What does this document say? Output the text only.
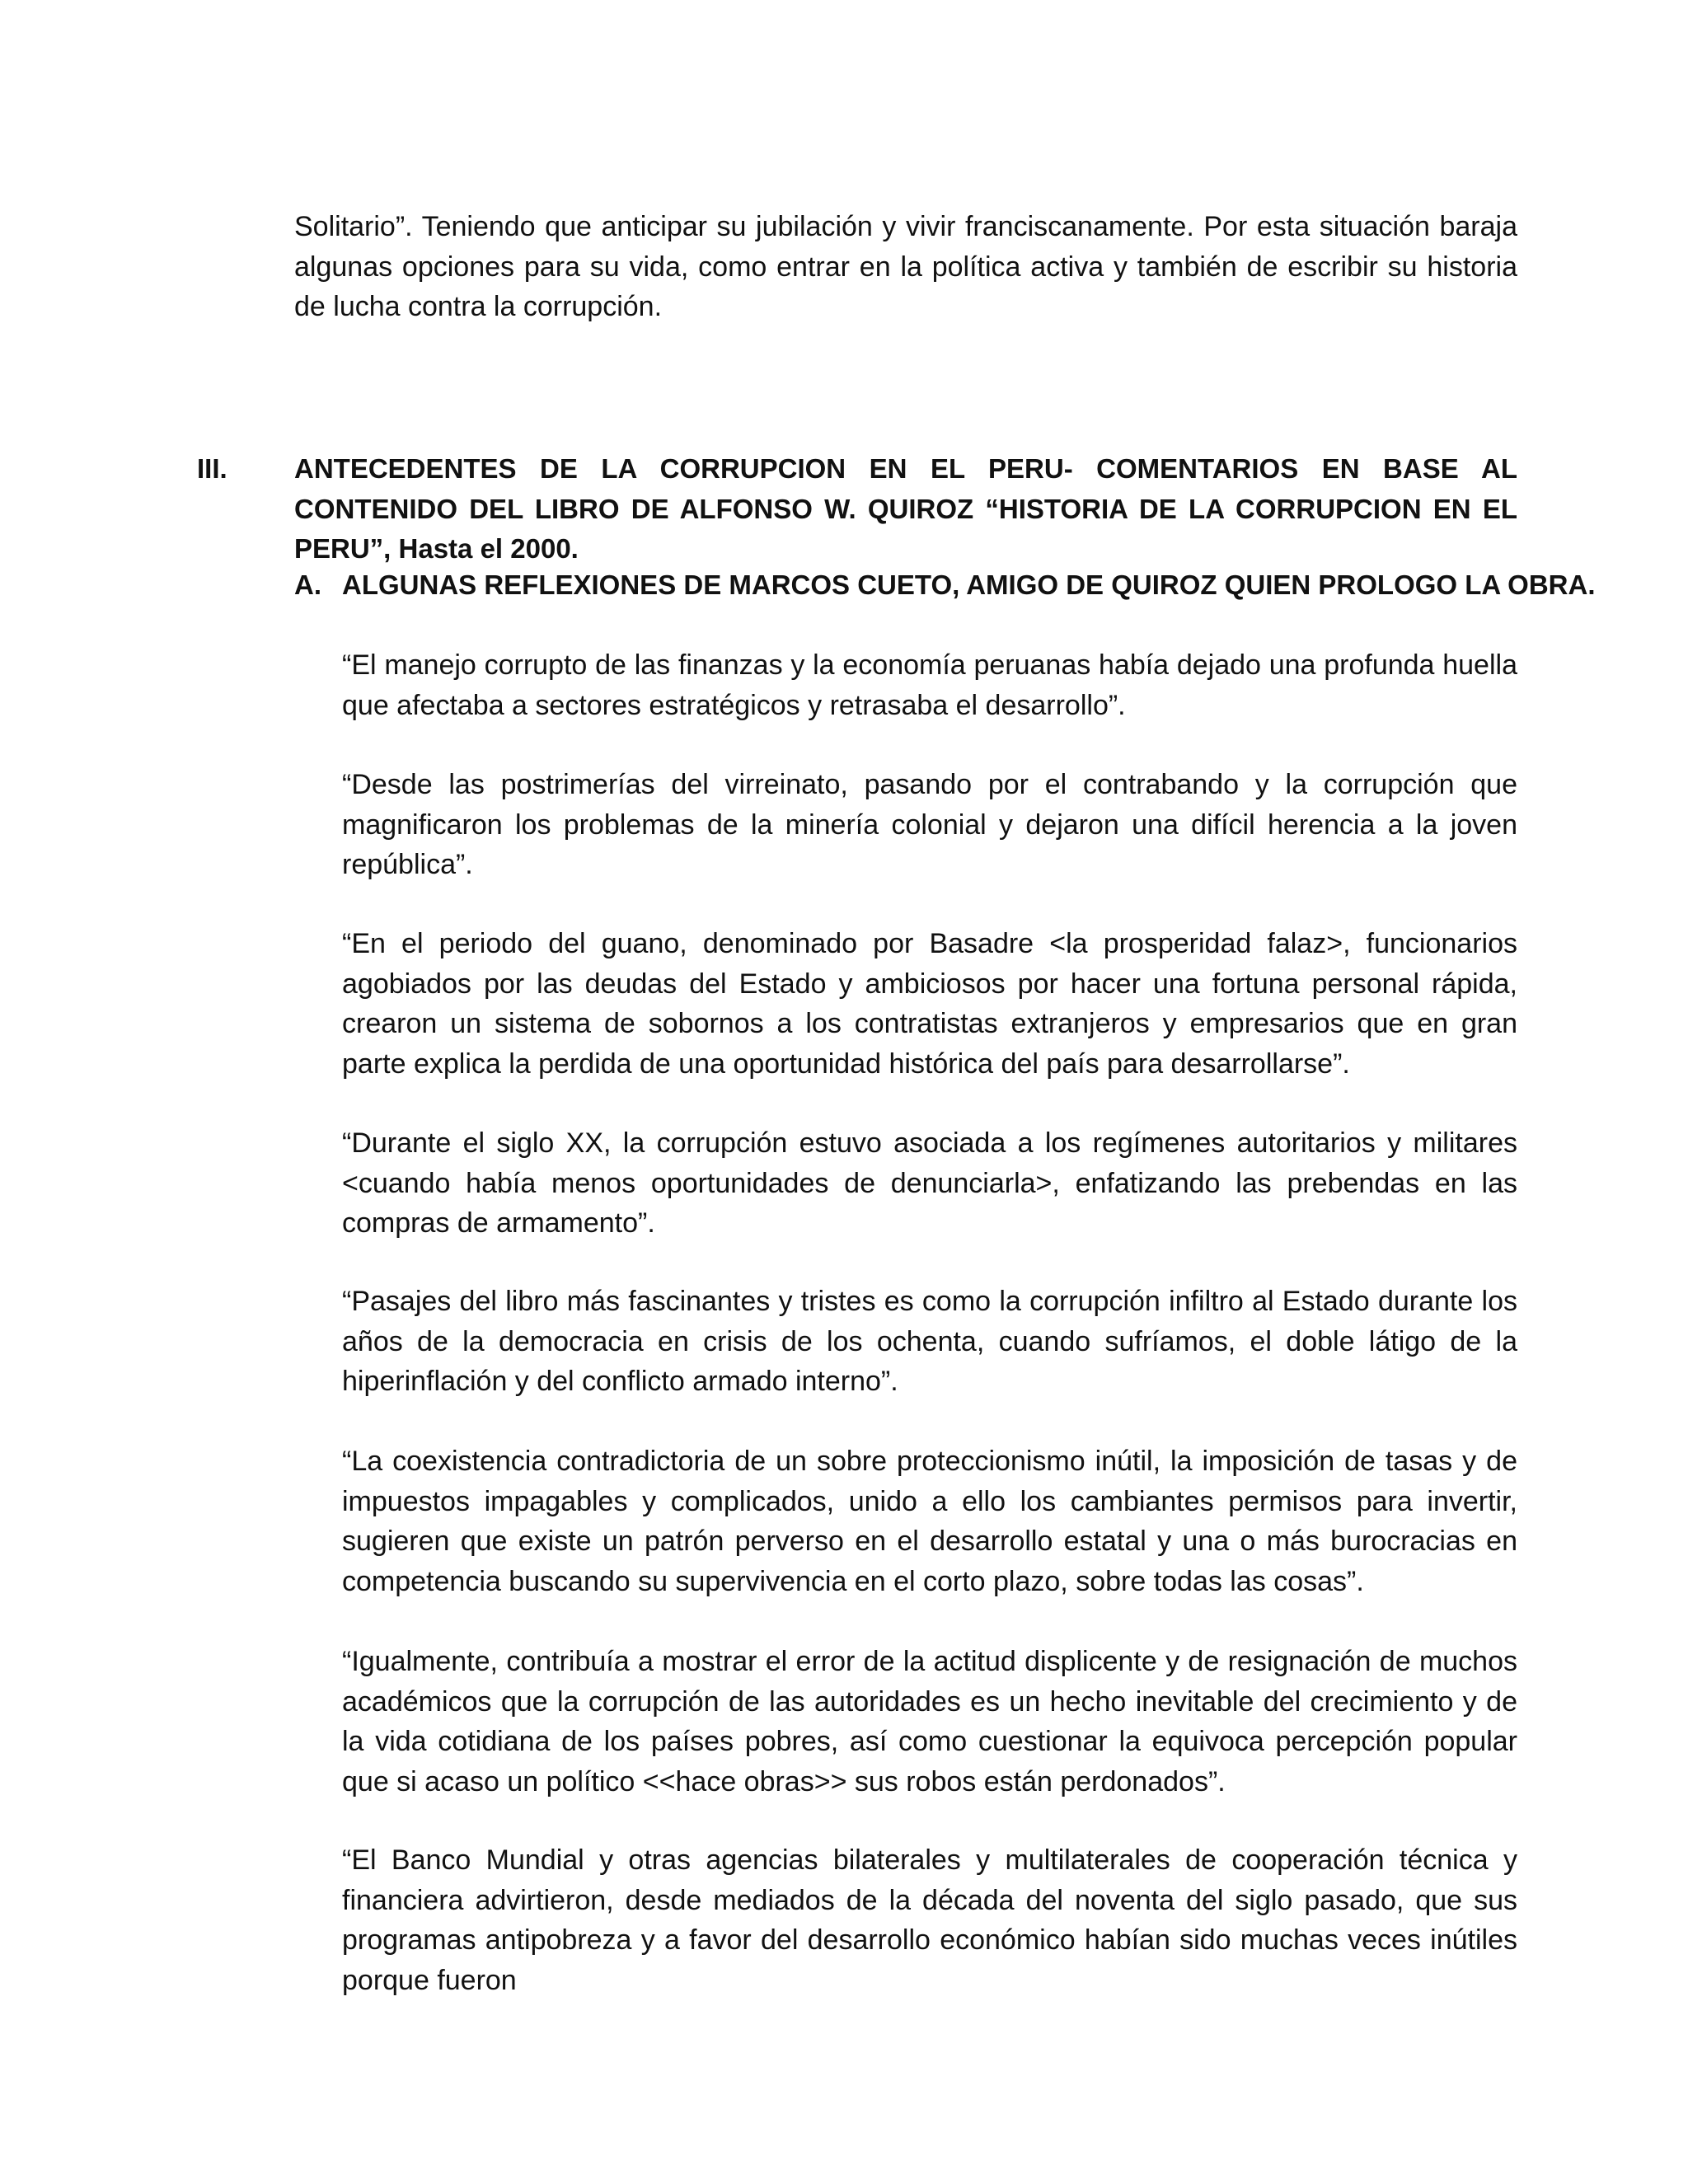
Solitario”. Teniendo que anticipar su jubilación y vivir franciscanamente. Por esta situación baraja algunas opciones para su vida, como entrar en la política activa y también de escribir su historia de lucha contra la corrupción.

III. ANTECEDENTES DE LA CORRUPCION EN EL PERU- COMENTARIOS EN BASE AL CONTENIDO DEL LIBRO DE ALFONSO W. QUIROZ “HISTORIA DE LA CORRUPCION EN EL PERU”, Hasta el 2000.

A. ALGUNAS REFLEXIONES DE MARCOS CUETO, AMIGO DE QUIROZ QUIEN PROLOGO LA OBRA.

“El manejo corrupto de las finanzas y la economía peruanas había dejado una profunda huella que afectaba a sectores estratégicos y retrasaba el desarrollo”.

“Desde las postrimerías del virreinato, pasando por el contrabando y la corrupción que magnificaron los problemas de la minería colonial y dejaron una difícil herencia a la joven república”.

“En el periodo del guano, denominado por Basadre <la prosperidad falaz>, funcionarios agobiados por las deudas del Estado y ambiciosos por hacer una fortuna personal rápida, crearon un sistema de sobornos a los contratistas extranjeros y empresarios que en gran parte explica la perdida de una oportunidad histórica del país para desarrollarse”.

“Durante el siglo XX, la corrupción estuvo asociada a los regímenes autoritarios y militares <cuando había menos oportunidades de denunciarla>, enfatizando las prebendas en las compras de armamento”.

“Pasajes del libro más fascinantes y tristes es como la corrupción infiltro al Estado durante los años de la democracia en crisis de los ochenta, cuando sufríamos, el doble látigo de la hiperinflación y del conflicto armado interno”.

“La coexistencia contradictoria de un sobre proteccionismo inútil, la imposición de tasas y de impuestos impagables y complicados, unido a ello los cambiantes permisos para invertir, sugieren que existe un patrón perverso en el desarrollo estatal y una o más burocracias en competencia buscando su supervivencia en el corto plazo, sobre todas las cosas”.

“Igualmente, contribuía a mostrar el error de la actitud displicente y de resignación de muchos académicos que la corrupción de las autoridades es un hecho inevitable del crecimiento y de la vida cotidiana de los países pobres, así como cuestionar la equivoca percepción popular que si acaso un político <<hace obras>> sus robos están perdonados”.

“El Banco Mundial y otras agencias bilaterales y multilaterales de cooperación técnica y financiera advirtieron, desde mediados de la década del noventa del siglo pasado, que sus programas antipobreza y a favor del desarrollo económico habían sido muchas veces inútiles porque fueron
